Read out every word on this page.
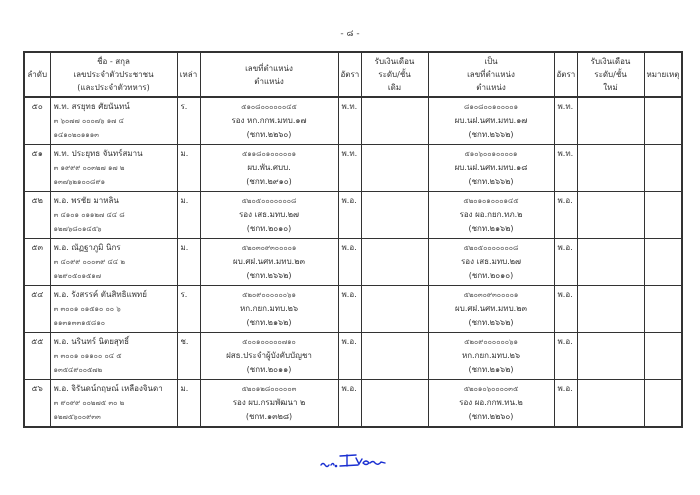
- ๘ -
ลำดับ	ชื่อ - สกุล
เลขประจำตัวประชาชน
(และประจำตัวทหาร)	เหล่า	เลขที่ตำแหน่ง
ตำแหน่ง	อัตรา	รับเงินเดือน
ระดับ/ชั้น
เดิม	เป็น
เลขที่ตำแหน่ง
ตำแหน่ง	อัตรา	รับเงินเดือน
ระดับ/ชั้น
ใหม่	หมายเหตุ
๕๐	พ.ท. สรยุทธ ศัยนันทน์
๓ ๖๐๗๗ ๐๐๐๗๖ ๑๗ ๔
๑๔๑๐๒๐๑๑๑๓	ร.	๕๑๐๘๐๐๐๐๐๐๔๕
รอง หก.กกพ.มทบ.๑๗
(ชกท.๒๒๖๐)	พ.ท.		๘๑๐๘๐๐๑๐๐๐๐๑
ผบ.นฝ.นศท.มทบ.๑๗
(ชกท.๒๖๖๒)	พ.ท.		
๕๑	พ.ท. ประยุทธ จันทร์สมาน
๓ ๑๙๙๙ ๐๐๓๒๗ ๑๗ ๒
๑๓๗๖๒๑๐๐๘๙๑	ม.	๕๑๑๘๐๑๐๐๐๐๐๑
ผบ.พัน.ศบบ.
(ชกท.๒๙๑๐)	พ.ท.		๕๑๐๖๐๐๑๐๐๐๐๑
ผบ.นฝ.นศท.มทบ.๑๘
(ชกท.๒๖๖๒)	พ.ท.		
๕๒	พ.อ. พรชัย มาหลิน
๓ ๔๑๐๑ ๐๑๑๒๗ ๔๔ ๘
๑๒๗๖๘๐๑๔๕๖	ม.	๕๒๐๕๐๐๐๐๐๐๐๘
รอง เสธ.มทบ.๒๗
(ชกท.๒๐๑๐)	พ.อ.		๕๒๐๑๐๑๐๐๐๑๔๕
รอง ผอ.กยก.ทภ.๒
(ชกท.๒๑๖๒)	พ.อ.		
๕๓	พ.อ. ณัฏฐาภูมิ นิกร
๓ ๔๐๙๙ ๐๐๐๓๙ ๔๔ ๒
๑๒๙๐๕๐๑๕๑๗	ม.	๕๒๐๓๐๙๓๐๐๐๐๑
ผบ.ศฝ.นศท.มทบ.๒๓
(ชกท.๒๖๖๒)	พ.อ.		๕๒๐๕๐๐๐๐๐๐๐๘
รอง เสธ.มทบ.๒๗
(ชกท.๒๐๑๐)	พ.อ.		
๕๔	พ.อ. รังสรรค์ ตันสิทธิแพทย์
๓ ๓๐๐๑ ๐๑๕๑๐ ๐๐ ๖
๑๑๓๑๓๓๑๕๘๑๐	ร.	๕๒๐๙๐๐๐๐๐๐๖๑
หก.กยก.มทบ.๒๖
(ชกท.๒๑๖๒)	พ.อ.		๕๒๐๓๐๙๓๐๐๐๐๑
ผบ.ศฝ.นศท.มทบ.๒๓
(ชกท.๒๖๖๒)	พ.อ.		
๕๕	พ.อ. นรินทร์ นิตยสุทธิ์
๓ ๓๐๐๑ ๐๑๑๐๐ ๐๔ ๕
๑๓๕๔๙๐๐๕๗๒	ช.	๕๐๐๑๐๐๐๐๐๗๑๐
ฝสธ.ประจำผู้บังคับบัญชา
(ชกท.๒๐๑๑)	พ.อ.		๕๒๐๙๐๐๐๐๐๐๖๑
หก.กยก.มทบ.๒๖
(ชกท.๒๑๖๒)	พ.อ.		
๕๖	พ.อ. จิรันดน์กฤษณ์ เหลืองจินดา
๓ ๙๐๙๙ ๐๐๒๗๕ ๓๐ ๒
๑๒๗๕๖๐๐๙๓๓	ม.	๕๒๐๑๒๘๐๐๐๐๐๓
รอง ผบ.กรมพัฒนา ๒
(ชกท.๑๓๒๘)	พ.อ.		๕๒๐๑๐๖๐๐๐๐๓๕
รอง ผอ.กกพ.ทน.๒
(ชกท.๒๒๖๐)	พ.อ.		
